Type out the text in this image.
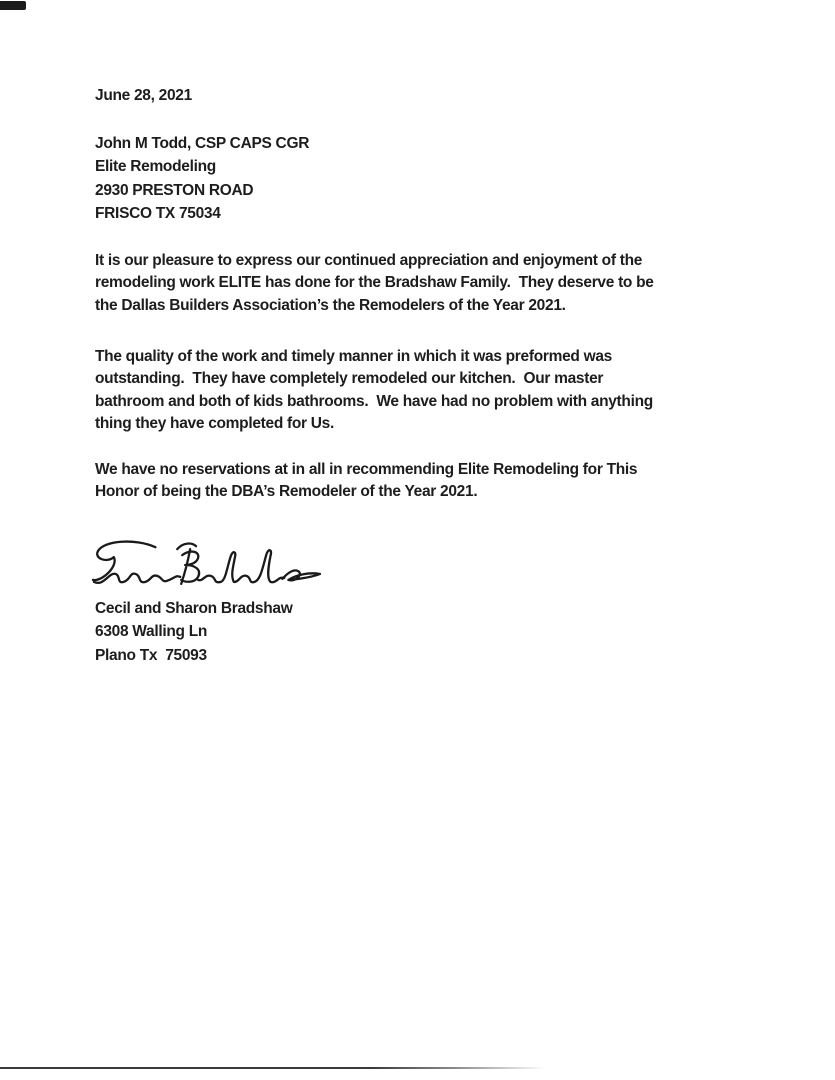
June 28, 2021
John M Todd, CSP CAPS CGR
Elite Remodeling
2930 PRESTON ROAD
FRISCO TX 75034
It is our pleasure to express our continued appreciation and enjoyment of the
remodeling work ELITE has done for the Bradshaw Family.  They deserve to be
the Dallas Builders Association’s the Remodelers of the Year 2021.
The quality of the work and timely manner in which it was preformed was
outstanding.  They have completely remodeled our kitchen.  Our master
bathroom and both of kids bathrooms.  We have had no problem with anything
thing they have completed for Us.
We have no reservations at in all in recommending Elite Remodeling for This
Honor of being the DBA’s Remodeler of the Year 2021.
Cecil and Sharon Bradshaw
6308 Walling Ln
Plano Tx  75093
